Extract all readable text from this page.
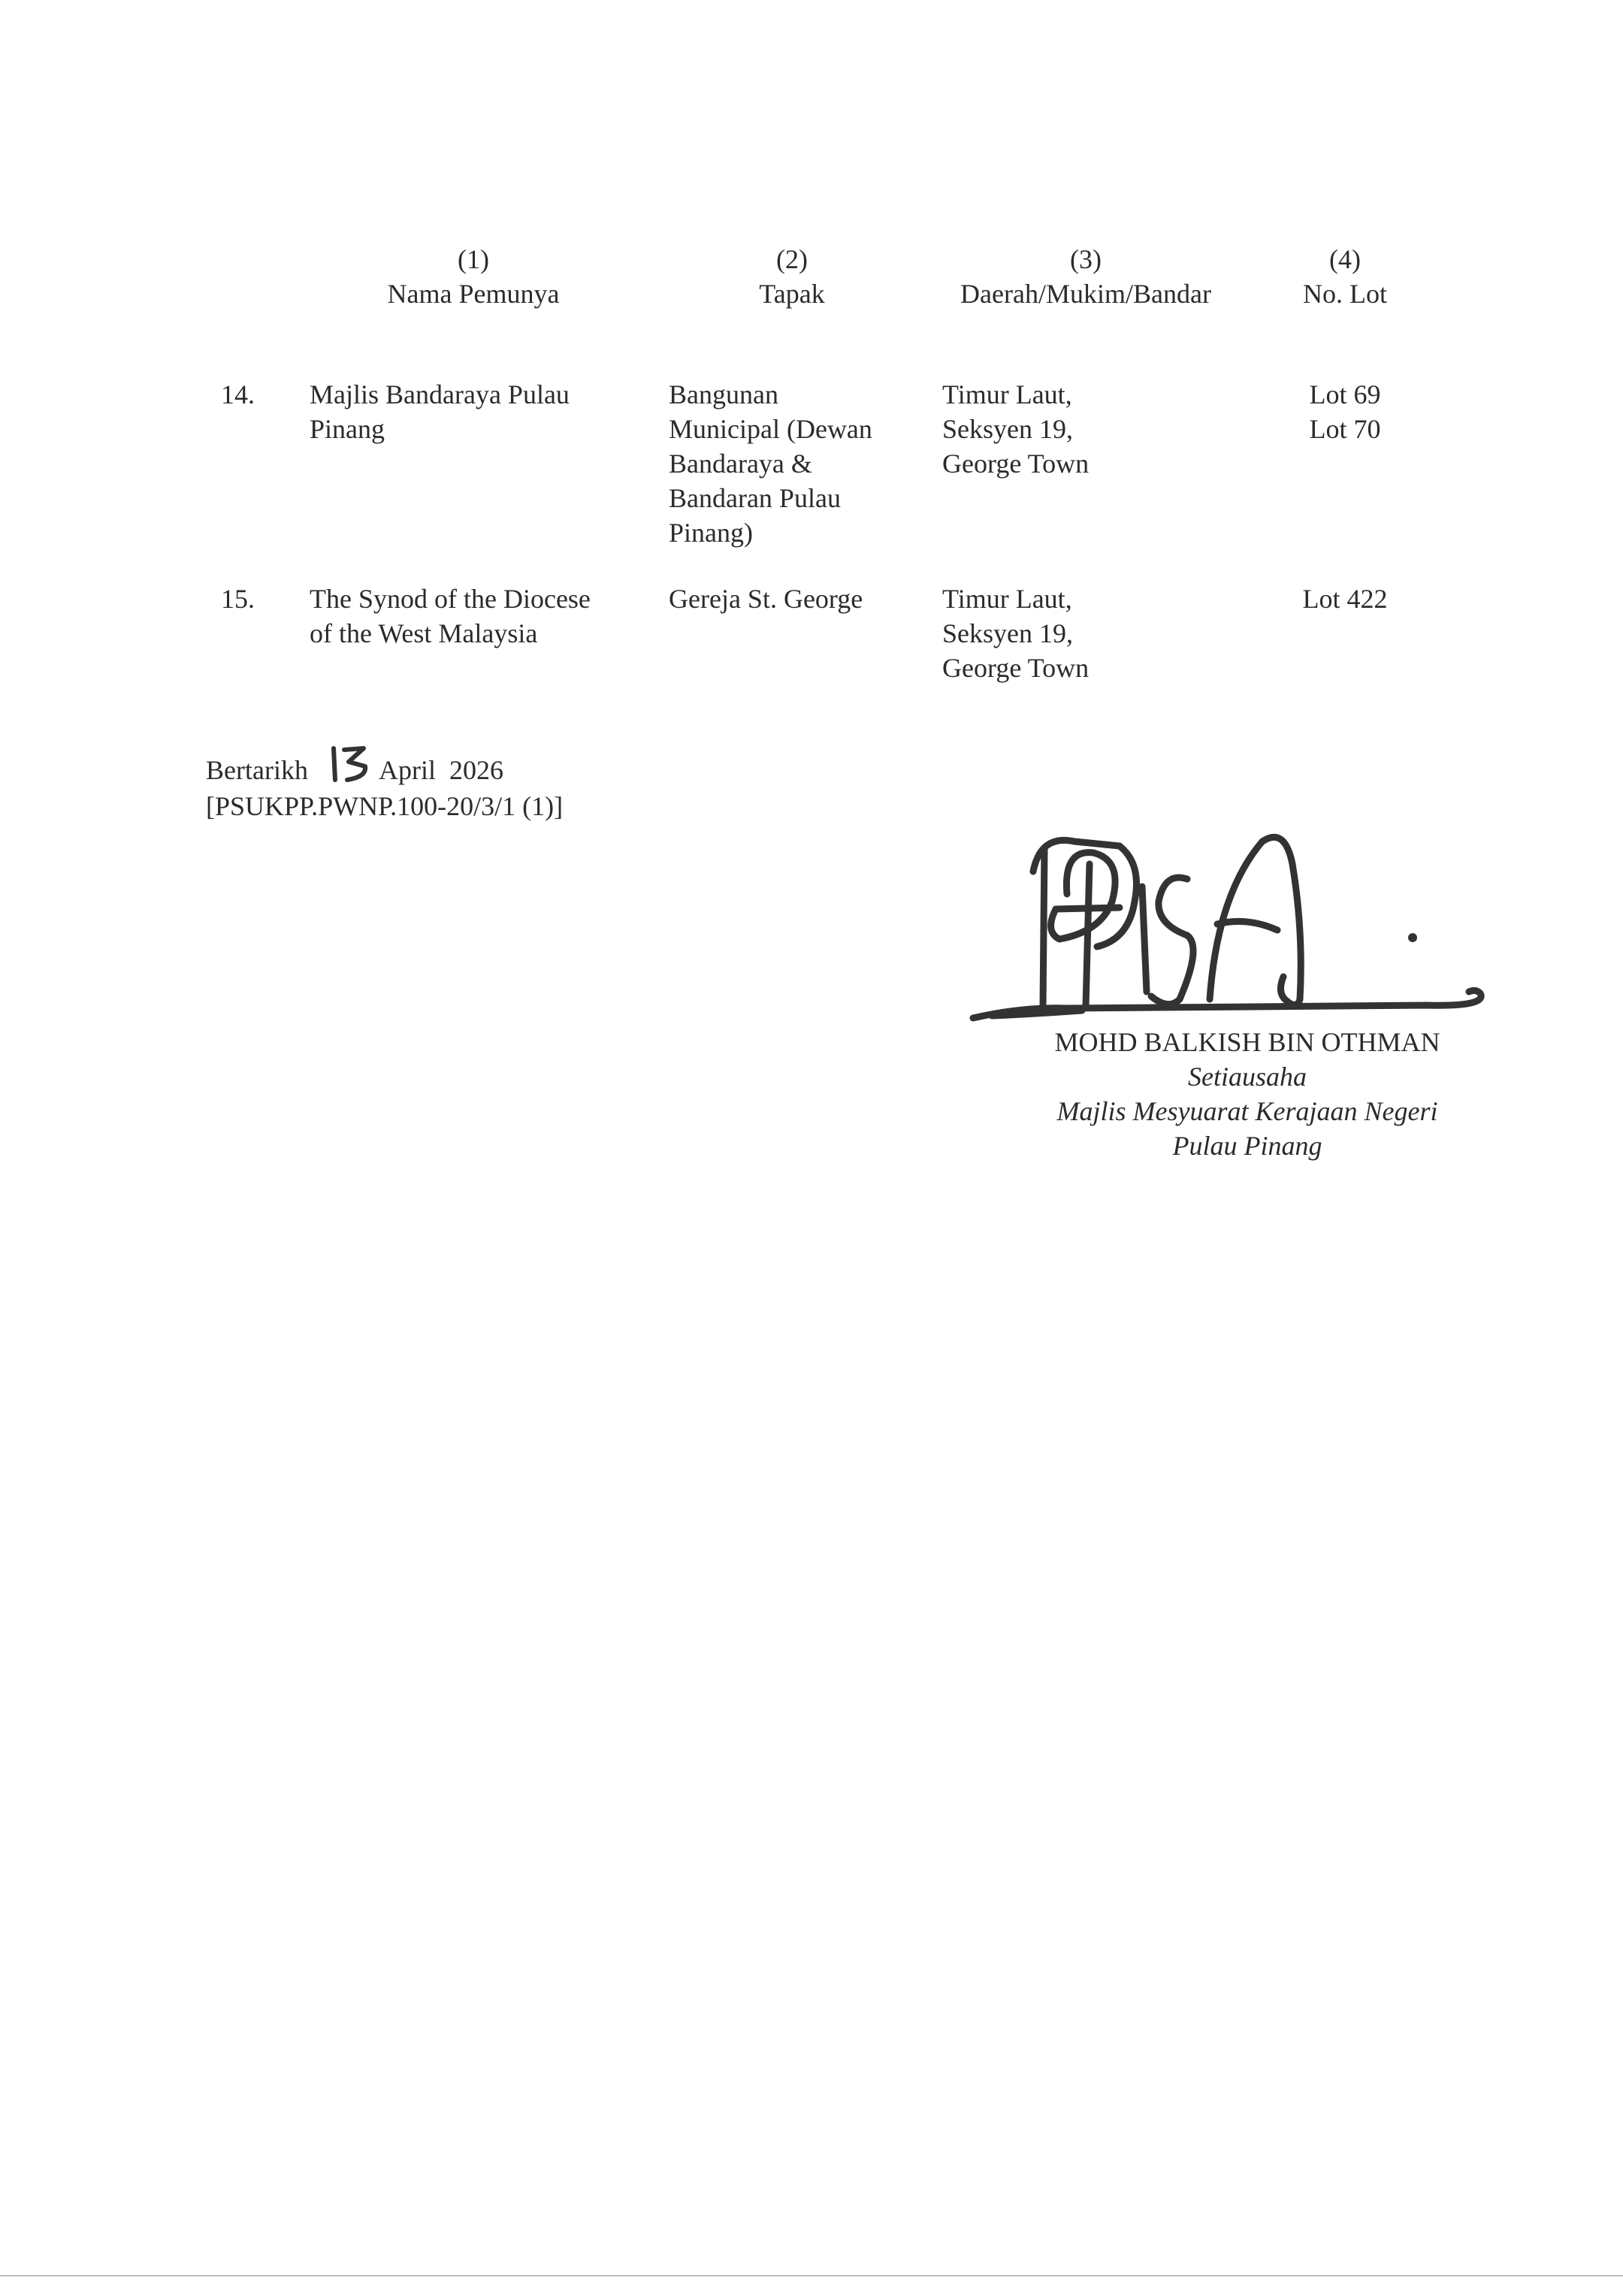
(1)
Nama Pemunya
(2)
Tapak
(3)
Daerah/Mukim/Bandar
(4)
No. Lot
14. Majlis Bandaraya Pulau
Pinang
Bangunan
Municipal (Dewan
Bandaraya &
Bandaran Pulau
Pinang)
Timur Laut,
Seksyen 19,
George Town
Lot 69
Lot 70
15. The Synod of the Diocese
of the West Malaysia
Gereja St. George	Timur Laut,
Seksyen 19,
George Town
Lot 422
Bertarikh	April  2026
[PSUKPP.PWNP.100-20/3/1 (1)]
MOHD BALKISH BIN OTHMAN
Setiausaha
Majlis Mesyuarat Kerajaan Negeri
Pulau Pinang
